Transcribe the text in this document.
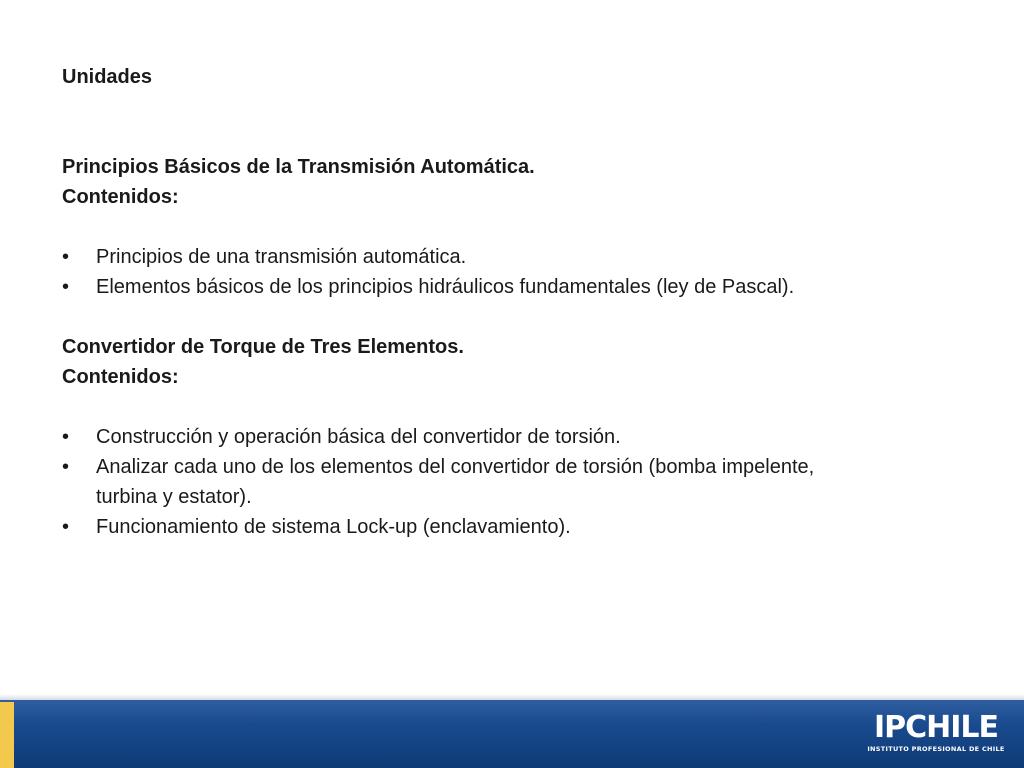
Unidades
Principios Básicos de la Transmisión Automática.
Contenidos:
•	Principios de una transmisión automática.
•	Elementos básicos de los principios hidráulicos fundamentales (ley de Pascal).
Convertidor de Torque de Tres Elementos.
Contenidos:
•	Construcción y operación básica del convertidor de torsión.
•	Analizar cada uno de los elementos del convertidor de torsión (bomba impelente, turbina y estator).
•	Funcionamiento de sistema Lock-up (enclavamiento).
IPCHILE
INSTITUTO PROFESIONAL DE CHILE
